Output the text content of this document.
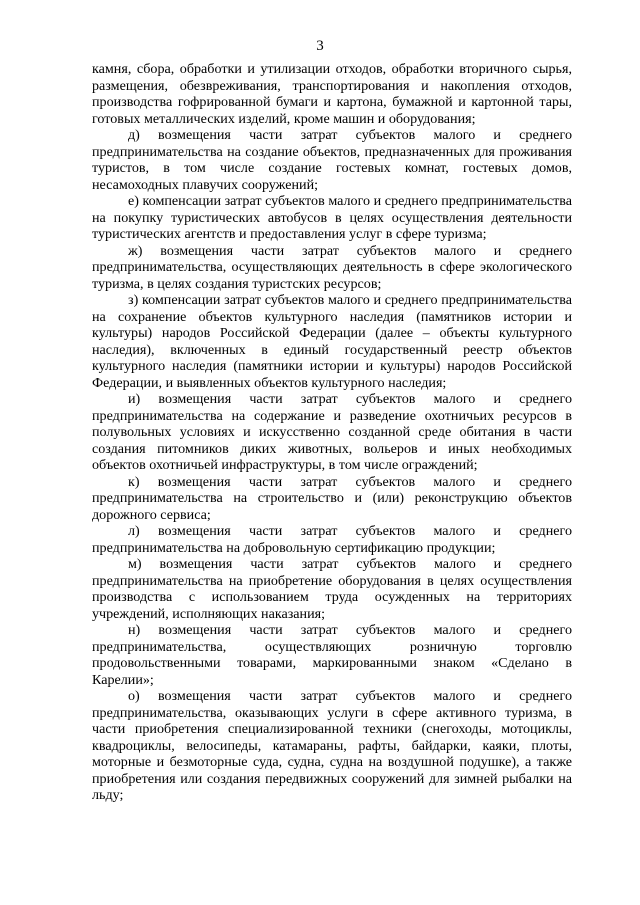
3

камня, сбора, обработки и утилизации отходов, обработки вторичного сырья, размещения, обезвреживания, транспортирования и накопления отходов, производства гофрированной бумаги и картона, бумажной и картонной тары, готовых металлических изделий, кроме машин и оборудования;

д) возмещения части затрат субъектов малого и среднего предпринимательства на создание объектов, предназначенных для проживания туристов, в том числе создание гостевых комнат, гостевых домов, несамоходных плавучих сооружений;

е) компенсации затрат субъектов малого и среднего предпринимательства на покупку туристических автобусов в целях осуществления деятельности туристических агентств и предоставления услуг в сфере туризма;

ж) возмещения части затрат субъектов малого и среднего предпринимательства, осуществляющих деятельность в сфере экологического туризма, в целях создания туристских ресурсов;

з) компенсации затрат субъектов малого и среднего предпринимательства на сохранение объектов культурного наследия (памятников истории и культуры) народов Российской Федерации (далее – объекты культурного наследия), включенных в единый государственный реестр объектов культурного наследия (памятники истории и культуры) народов Российской Федерации, и выявленных объектов культурного наследия;

и) возмещения части затрат субъектов малого и среднего предпринимательства на содержание и разведение охотничьих ресурсов в полувольных условиях и искусственно созданной среде обитания в части создания питомников диких животных, вольеров и иных необходимых объектов охотничьей инфраструктуры, в том числе ограждений;

к) возмещения части затрат субъектов малого и среднего предпринимательства на строительство и (или) реконструкцию объектов дорожного сервиса;

л) возмещения части затрат субъектов малого и среднего предпринимательства на добровольную сертификацию продукции;

м) возмещения части затрат субъектов малого и среднего предпринимательства на приобретение оборудования в целях осуществления производства с использованием труда осужденных на территориях учреждений, исполняющих наказания;

н) возмещения части затрат субъектов малого и среднего предпринимательства, осуществляющих розничную торговлю продовольственными товарами, маркированными знаком «Сделано в Карелии»;

о) возмещения части затрат субъектов малого и среднего предпринимательства, оказывающих услуги в сфере активного туризма, в части приобретения специализированной техники (снегоходы, мотоциклы, квадроциклы, велосипеды, катамараны, рафты, байдарки, каяки, плоты, моторные и безмоторные суда, судна, судна на воздушной подушке), а также приобретения или создания передвижных сооружений для зимней рыбалки на льду;
